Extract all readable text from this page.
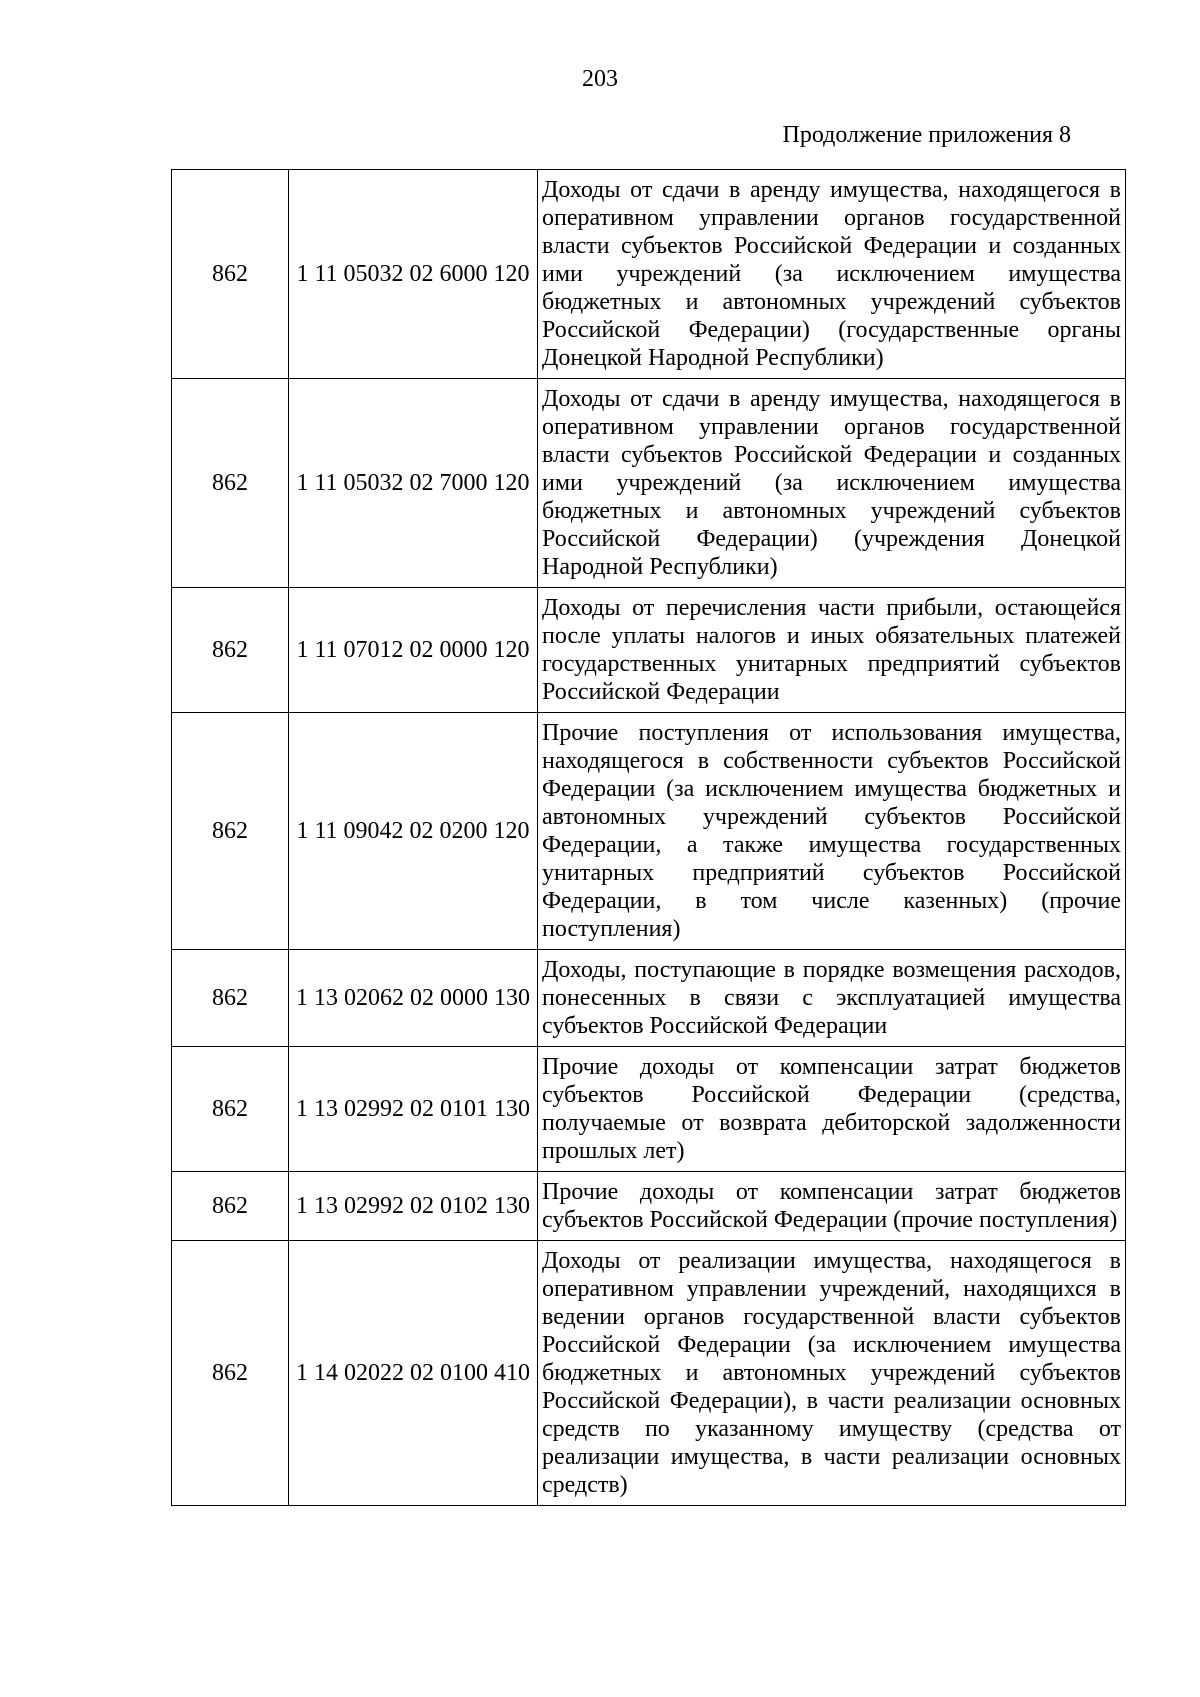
203
Продолжение приложения 8
862	1 11 05032 02 6000 120	Доходы от сдачи в аренду имущества, находящегося в оперативном управлении органов государственной власти субъектов Российской Федерации и созданных ими учреждений (за исключением имущества бюджетных и автономных учреждений субъектов Российской Федерации) (государственные органы Донецкой Народной Республики)
862	1 11 05032 02 7000 120	Доходы от сдачи в аренду имущества, находящегося в оперативном управлении органов государственной власти субъектов Российской Федерации и созданных ими учреждений (за исключением имущества бюджетных и автономных учреждений субъектов Российской Федерации) (учреждения Донецкой Народной Республики)
862	1 11 07012 02 0000 120	Доходы от перечисления части прибыли, остающейся после уплаты налогов и иных обязательных платежей государственных унитарных предприятий субъектов Российской Федерации
862	1 11 09042 02 0200 120	Прочие поступления от использования имущества, находящегося в собственности субъектов Российской Федерации (за исключением имущества бюджетных и автономных учреждений субъектов Российской Федерации, а также имущества государственных унитарных предприятий субъектов Российской Федерации, в том числе казенных) (прочие поступления)
862	1 13 02062 02 0000 130	Доходы, поступающие в порядке возмещения расходов, понесенных в связи с эксплуатацией имущества субъектов Российской Федерации
862	1 13 02992 02 0101 130	Прочие доходы от компенсации затрат бюджетов субъектов Российской Федерации (средства, получаемые от возврата дебиторской задолженности прошлых лет)
862	1 13 02992 02 0102 130	Прочие доходы от компенсации затрат бюджетов субъектов Российской Федерации (прочие поступления)
862	1 14 02022 02 0100 410	Доходы от реализации имущества, находящегося в оперативном управлении учреждений, находящихся в ведении органов государственной власти субъектов Российской Федерации (за исключением имущества бюджетных и автономных учреждений субъектов Российской Федерации), в части реализации основных средств по указанному имуществу (средства от реализации имущества, в части реализации основных средств)
